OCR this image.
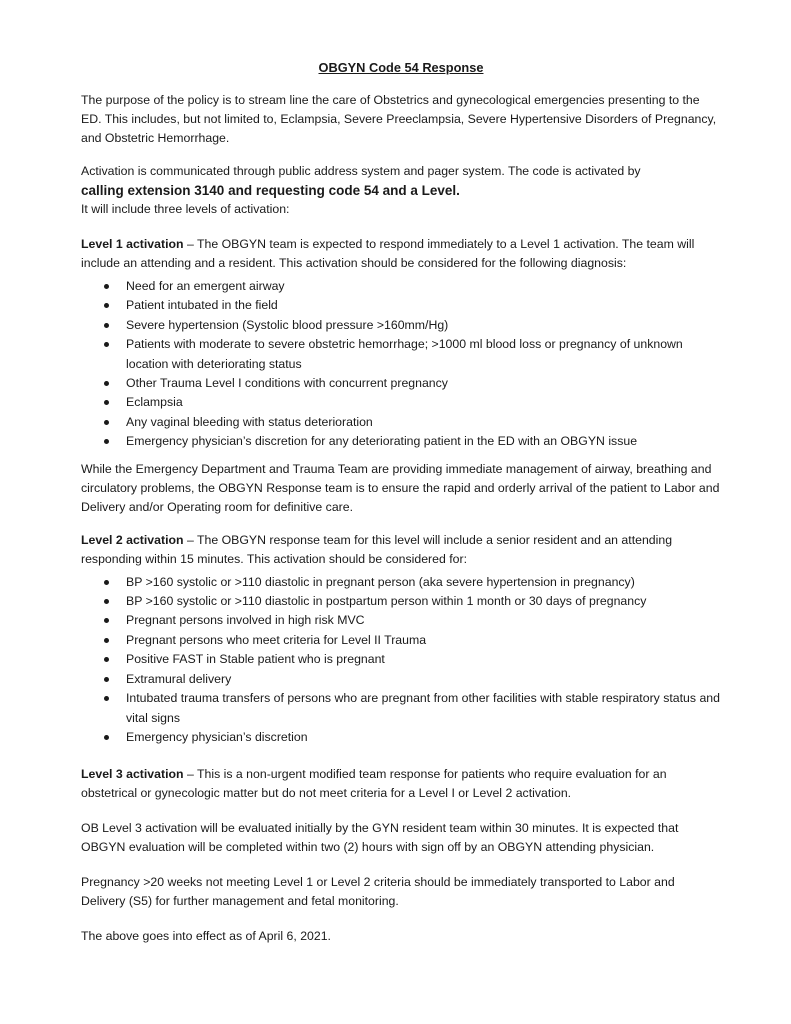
OBGYN Code 54 Response

The purpose of the policy is to stream line the care of Obstetrics and gynecological emergencies presenting to the ED. This includes, but not limited to, Eclampsia, Severe Preeclampsia, Severe Hypertensive Disorders of Pregnancy, and Obstetric Hemorrhage.

Activation is communicated through public address system and pager system. The code is activated by
calling extension 3140 and requesting code 54 and a Level.
It will include three levels of activation:

Level 1 activation – The OBGYN team is expected to respond immediately to a Level 1 activation. The team will include an attending and a resident. This activation should be considered for the following diagnosis:

Need for an emergent airway
Patient intubated in the field
Severe hypertension (Systolic blood pressure >160mm/Hg)
Patients with moderate to severe obstetric hemorrhage; >1000 ml blood loss or pregnancy of unknown location with deteriorating status
Other Trauma Level I conditions with concurrent pregnancy
Eclampsia
Any vaginal bleeding with status deterioration
Emergency physician’s discretion for any deteriorating patient in the ED with an OBGYN issue

While the Emergency Department and Trauma Team are providing immediate management of airway, breathing and circulatory problems, the OBGYN Response team is to ensure the rapid and orderly arrival of the patient to Labor and Delivery and/or Operating room for definitive care.

Level 2 activation – The OBGYN response team for this level will include a senior resident and an attending responding within 15 minutes. This activation should be considered for:

BP >160 systolic or >110 diastolic in pregnant person (aka severe hypertension in pregnancy)
BP >160 systolic or >110 diastolic in postpartum person within 1 month or 30 days of pregnancy
Pregnant persons involved in high risk MVC
Pregnant persons who meet criteria for Level II Trauma
Positive FAST in Stable patient who is pregnant
Extramural delivery
Intubated trauma transfers of persons who are pregnant from other facilities with stable respiratory status and vital signs
Emergency physician’s discretion

Level 3 activation – This is a non-urgent modified team response for patients who require evaluation for an obstetrical or gynecologic matter but do not meet criteria for a Level I or Level 2 activation.

OB Level 3 activation will be evaluated initially by the GYN resident team within 30 minutes. It is expected that OBGYN evaluation will be completed within two (2) hours with sign off by an OBGYN attending physician.

Pregnancy >20 weeks not meeting Level 1 or Level 2 criteria should be immediately transported to Labor and Delivery (S5) for further management and fetal monitoring.

The above goes into effect as of April 6, 2021.
